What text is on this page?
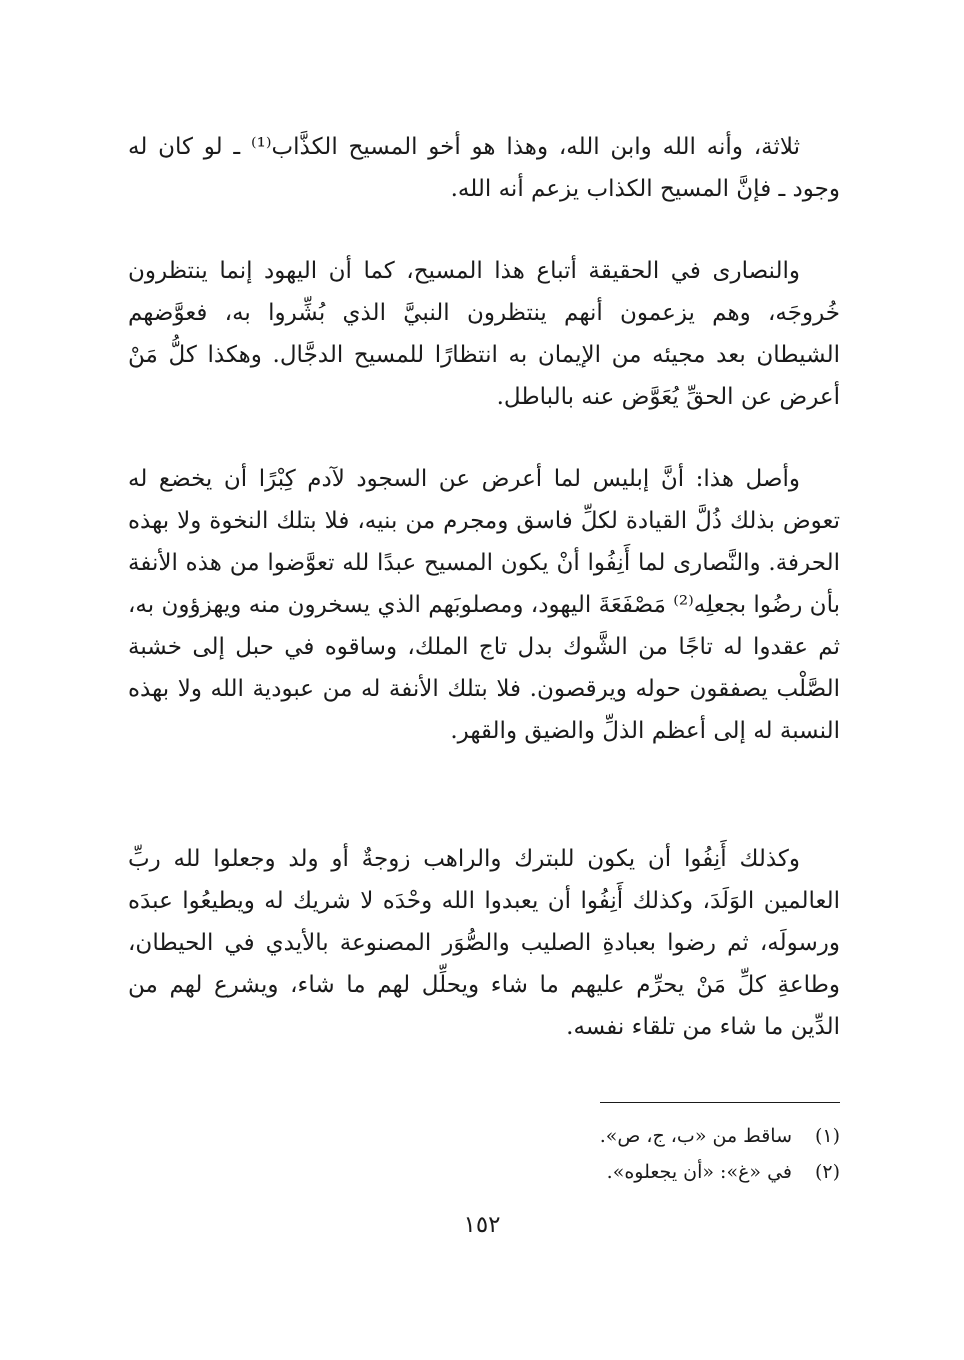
ثلاثة، وأنه الله وابن الله، وهذا هو أخو المسيح الكذَّاب⁽¹⁾ ـ لو كان له وجود ـ فإنَّ المسيح الكذاب يزعم أنه الله.

والنصارى في الحقيقة أتباع هذا المسيح، كما أن اليهود إنما ينتظرون خُروجَه، وهم يزعمون أنهم ينتظرون النبيَّ الذي بُشِّروا به، فعوَّضهم الشيطان بعد مجيئه من الإيمان به انتظارًا للمسيح الدجَّال. وهكذا كلُّ مَنْ أعرض عن الحقِّ يُعَوَّض عنه بالباطل.

وأصل هذا: أنَّ إبليس لما أعرض عن السجود لآدم كِبْرًا أن يخضع له تعوض بذلك ذُلَّ القيادة لكلِّ فاسق ومجرم من بنيه، فلا بتلك النخوة ولا بهذه الحرفة. والنَّصارى لما أَنِفُوا أنْ يكون المسيح عبدًا لله تعوَّضوا من هذه الأنفة بأن رضُوا بجعلِه⁽²⁾ مَصْفَعَةَ اليهود، ومصلوبَهم الذي يسخرون منه ويهزؤون به، ثم عقدوا له تاجًا من الشَّوك بدل تاج الملك، وساقوه في حبل إلى خشبة الصَّلْب يصفقون حوله ويرقصون. فلا بتلك الأنفة له من عبودية الله ولا بهذه النسبة له إلى أعظم الذلِّ والضيق والقهر.

وكذلك أَنِفُوا أن يكون للبترك والراهب زوجةٌ أو ولد وجعلوا لله ربِّ العالمين الوَلَدَ، وكذلك أَنِفُوا أن يعبدوا الله وحْدَه لا شريك له ويطيعُوا عبدَه ورسولَه، ثم رضوا بعبادةِ الصليب والصُّوَر المصنوعة بالأيدي في الحيطان، وطاعةِ كلِّ مَنْ يحرِّم عليهم ما شاء ويحلِّل لهم ما شاء، ويشرع لهم من الدِّين ما شاء من تلقاء نفسه.

(١)ساقط من «ب، ج، ص».

(٢)في «غ»: «أن يجعلوه».

١٥٢
